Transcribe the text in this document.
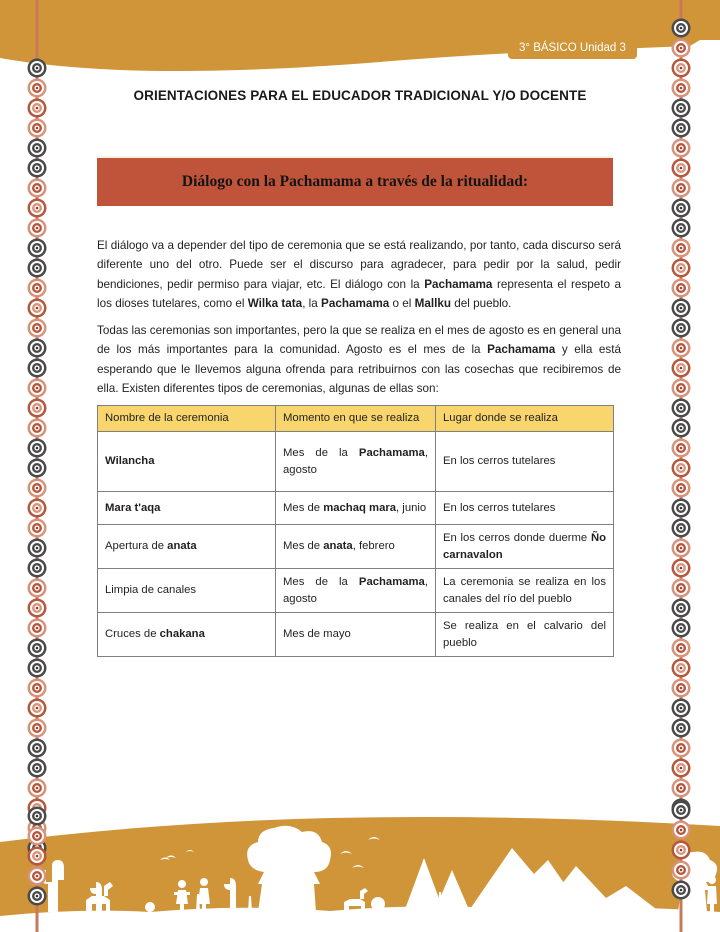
3° BÁSICO Unidad 3
ORIENTACIONES PARA EL EDUCADOR TRADICIONAL Y/O DOCENTE
Diálogo con la Pachamama a través de la ritualidad:
El diálogo va a depender del tipo de ceremonia que se está realizando, por tanto, cada discurso será diferente uno del otro. Puede ser el discurso para agradecer, para pedir por la salud, pedir bendiciones, pedir permiso para viajar, etc. El diálogo con la Pachamama representa el respeto a los dioses tutelares, como el Wilka tata, la Pachamama o el Mallku del pueblo.
Todas las ceremonias son importantes, pero la que se realiza en el mes de agosto es en general una de los más importantes para la comunidad. Agosto es el mes de la Pachamama y ella está esperando que le llevemos alguna ofrenda para retribuirnos con las cosechas que recibiremos de ella. Existen diferentes tipos de ceremonias, algunas de ellas son:
Nombre de la ceremonia	Momento en que se realiza	Lugar donde se realiza
Wilancha	Mes de la Pachamama, agosto	En los cerros tutelares
Mara t'aqa	Mes de machaq mara, junio	En los cerros tutelares
Apertura de anata	Mes de anata, febrero	En los cerros donde duerme Ño carnavalon
Limpia de canales	Mes de la Pachamama, agosto	La ceremonia se realiza en los canales del río del pueblo
Cruces de chakana	Mes de mayo	Se realiza en el calvario del pueblo
